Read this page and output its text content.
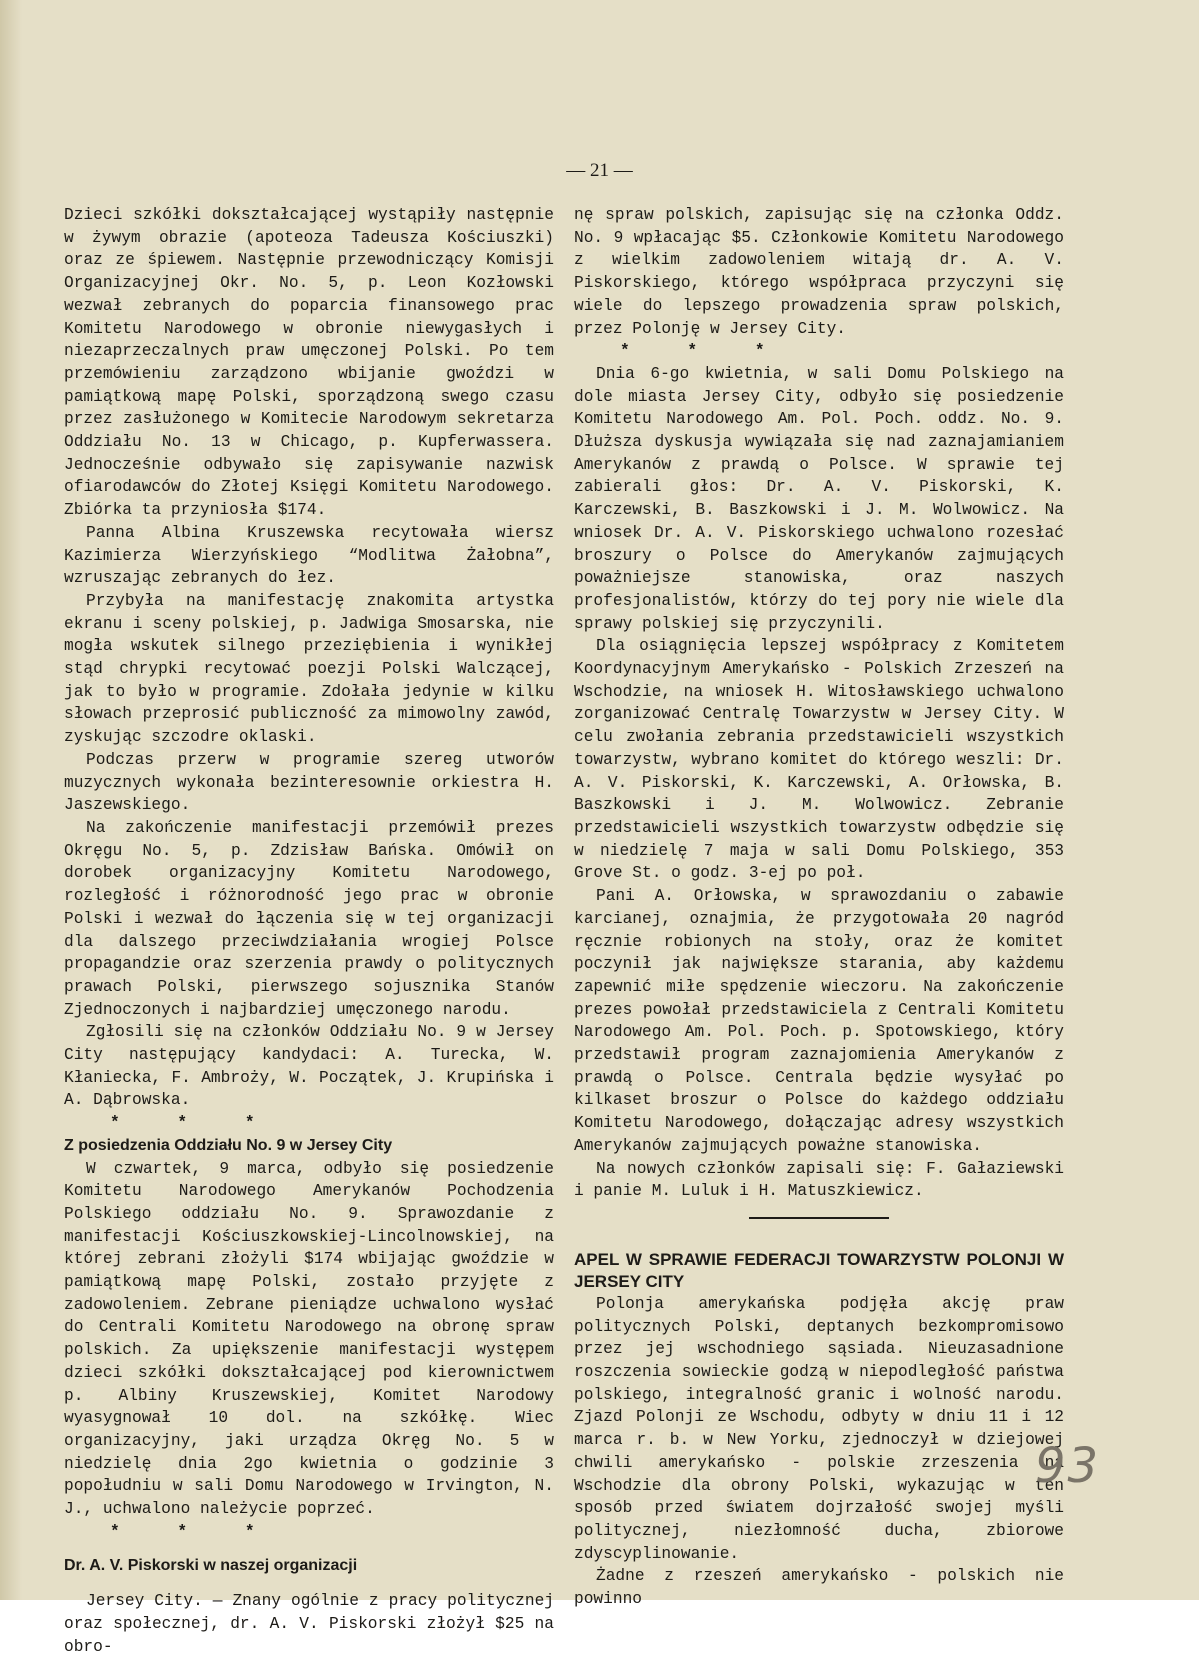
— 21 —

Dzieci szkółki dokształcającej wystąpiły następnie w żywym obrazie (apoteoza Tadeusza Kościuszki) oraz ze śpiewem. Następnie przewodniczący Komisji Organizacyjnej Okr. No. 5, p. Leon Kozłowski wezwał zebranych do poparcia finansowego prac Komitetu Narodowego w obronie niewygasłych i niezaprzeczalnych praw umęczonej Polski. Po tem przemówieniu zarządzono wbijanie gwoździ w pamiątkową mapę Polski, sporządzoną swego czasu przez zasłużonego w Komitecie Narodowym sekretarza Oddziału No. 13 w Chicago, p. Kupferwassera. Jednocześnie odbywało się zapisywanie nazwisk ofiarodawców do Złotej Księgi Komitetu Narodowego. Zbiórka ta przyniosła $174.

Panna Albina Kruszewska recytowała wiersz Kazimierza Wierzyńskiego “Modlitwa Żałobna”, wzruszając zebranych do łez.

Przybyła na manifestację znakomita artystka ekranu i sceny polskiej, p. Jadwiga Smosarska, nie mogła wskutek silnego przeziębienia i wynikłej stąd chrypki recytować poezji Polski Walczącej, jak to było w programie. Zdołała jedynie w kilku słowach przeprosić publiczność za mimowolny zawód, zyskując szczodre oklaski.

Podczas przerw w programie szereg utworów muzycznych wykonała bezinteresownie orkiestra H. Jaszewskiego.

Na zakończenie manifestacji przemówił prezes Okręgu No. 5, p. Zdzisław Bańska. Omówił on dorobek organizacyjny Komitetu Narodowego, rozległość i różnorodność jego prac w obronie Polski i wezwał do łączenia się w tej organizacji dla dalszego przeciwdziałania wrogiej Polsce propagandzie oraz szerzenia prawdy o politycznych prawach Polski, pierwszego sojusznika Stanów Zjednoczonych i najbardziej umęczonego narodu.

Zgłosili się na członków Oddziału No. 9 w Jersey City następujący kandydaci: A. Turecka, W. Kłaniecka, F. Ambroży, W. Początek, J. Krupińska i A. Dąbrowska.

* * *

Z posiedzenia Oddziału No. 9 w Jersey City

W czwartek, 9 marca, odbyło się posiedzenie Komitetu Narodowego Amerykanów Pochodzenia Polskiego oddziału No. 9. Sprawozdanie z manifestacji Kościuszkowskiej-Lincolnowskiej, na której zebrani złożyli $174 wbijając gwoździe w pamiątkową mapę Polski, zostało przyjęte z zadowoleniem. Zebrane pieniądze uchwalono wysłać do Centrali Komitetu Narodowego na obronę spraw polskich. Za upiększenie manifestacji występem dzieci szkółki dokształcającej pod kierownictwem p. Albiny Kruszewskiej, Komitet Narodowy wyasygnował 10 dol. na szkółkę. Wiec organizacyjny, jaki urządza Okręg No. 5 w niedzielę dnia 2go kwietnia o godzinie 3 popołudniu w sali Domu Narodowego w Irvington, N. J., uchwalono należycie poprzeć.

* * *

Dr. A. V. Piskorski w naszej organizacji

Jersey City. — Znany ogólnie z pracy politycznej oraz społecznej, dr. A. V. Piskorski złożył $25 na obro-

nę spraw polskich, zapisując się na członka Oddz. No. 9 wpłacając $5. Członkowie Komitetu Narodowego z wielkim zadowoleniem witają dr. A. V. Piskorskiego, którego współpraca przyczyni się wiele do lepszego prowadzenia spraw polskich, przez Polonję w Jersey City.

* * *

Dnia 6-go kwietnia, w sali Domu Polskiego na dole miasta Jersey City, odbyło się posiedzenie Komitetu Narodowego Am. Pol. Poch. oddz. No. 9. Dłuższa dyskusja wywiązała się nad zaznajamianiem Amerykanów z prawdą o Polsce. W sprawie tej zabierali głos: Dr. A. V. Piskorski, K. Karczewski, B. Baszkowski i J. M. Wolwowicz. Na wniosek Dr. A. V. Piskorskiego uchwalono rozesłać broszury o Polsce do Amerykanów zajmujących poważniejsze stanowiska, oraz naszych profesjonalistów, którzy do tej pory nie wiele dla sprawy polskiej się przyczynili.

Dla osiągnięcia lepszej współpracy z Komitetem Koordynacyjnym Amerykańsko - Polskich Zrzeszeń na Wschodzie, na wniosek H. Witosławskiego uchwalono zorganizować Centralę Towarzystw w Jersey City. W celu zwołania zebrania przedstawicieli wszystkich towarzystw, wybrano komitet do którego weszli: Dr. A. V. Piskorski, K. Karczewski, A. Orłowska, B. Baszkowski i J. M. Wolwowicz. Zebranie przedstawicieli wszystkich towarzystw odbędzie się w niedzielę 7 maja w sali Domu Polskiego, 353 Grove St. o godz. 3-ej po poł.

Pani A. Orłowska, w sprawozdaniu o zabawie karcianej, oznajmia, że przygotowała 20 nagród ręcznie robionych na stoły, oraz że komitet poczynił jak największe starania, aby każdemu zapewnić miłe spędzenie wieczoru. Na zakończenie prezes powołał przedstawiciela z Centrali Komitetu Narodowego Am. Pol. Poch. p. Spotowskiego, który przedstawił program zaznajomienia Amerykanów z prawdą o Polsce. Centrala będzie wysyłać po kilkaset broszur o Polsce do każdego oddziału Komitetu Narodowego, dołączając adresy wszystkich Amerykanów zajmujących poważne stanowiska.

Na nowych członków zapisali się: F. Gałaziewski i panie M. Luluk i H. Matuszkiewicz.

APEL W SPRAWIE FEDERACJI TOWARZYSTW POLONJI W JERSEY CITY

Polonja amerykańska podjęła akcję praw politycznych Polski, deptanych bezkompromisowo przez jej wschodniego sąsiada. Nieuzasadnione roszczenia sowieckie godzą w niepodległość państwa polskiego, integralność granic i wolność narodu. Zjazd Polonji ze Wschodu, odbyty w dniu 11 i 12 marca r. b. w New Yorku, zjednoczył w dziejowej chwili amerykańsko - polskie zrzeszenia na Wschodzie dla obrony Polski, wykazując w ten sposób przed światem dojrzałość swojej myśli politycznej, niezłomność ducha, zbiorowe zdyscyplinowanie.

Żadne z rzeszeń amerykańsko - polskich nie powinno

93
